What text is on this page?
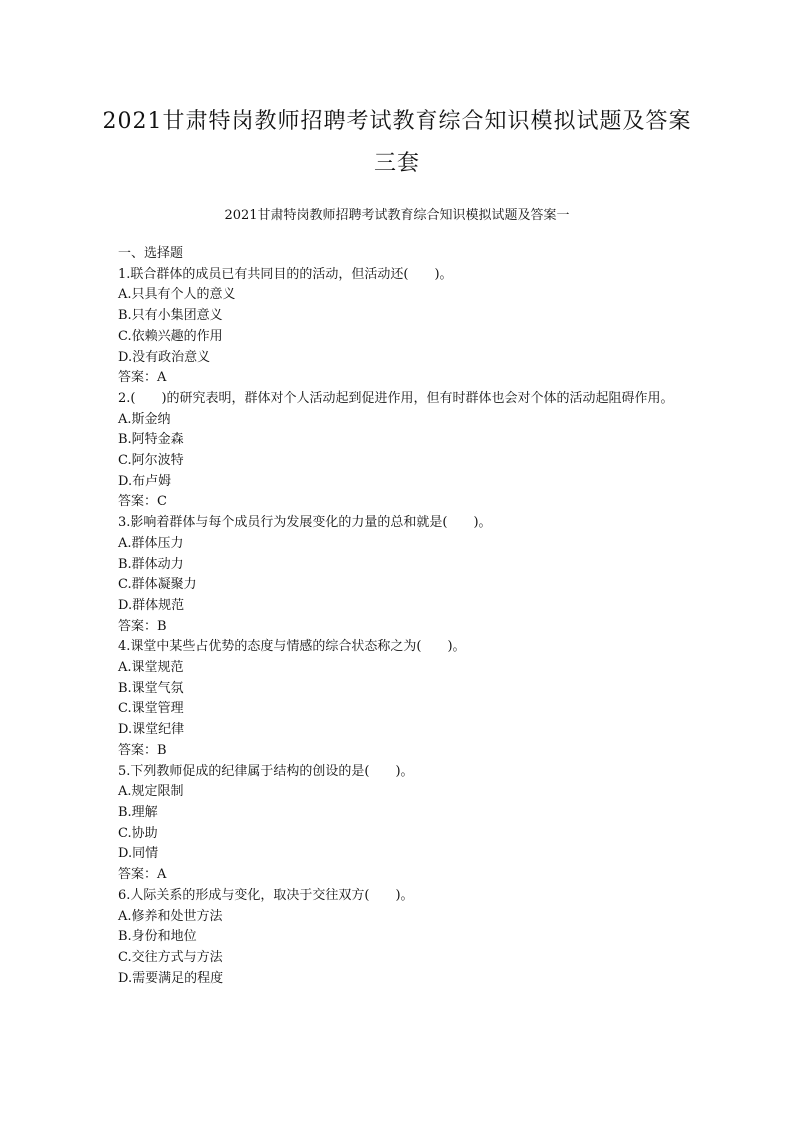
2021甘肃特岗教师招聘考试教育综合知识模拟试题及答案
三套
2021甘肃特岗教师招聘考试教育综合知识模拟试题及答案一
一、选择题
1.联合群体的成员已有共同目的的活动，但活动还(　　)。
A.只具有个人的意义
B.只有小集团意义
C.依赖兴趣的作用
D.没有政治意义
答案：A
2.(　　)的研究表明，群体对个人活动起到促进作用，但有时群体也会对个体的活动起阻碍作用。
A.斯金纳
B.阿特金森
C.阿尔波特
D.布卢姆
答案：C
3.影响着群体与每个成员行为发展变化的力量的总和就是(　　)。
A.群体压力
B.群体动力
C.群体凝聚力
D.群体规范
答案：B
4.课堂中某些占优势的态度与情感的综合状态称之为(　　)。
A.课堂规范
B.课堂气氛
C.课堂管理
D.课堂纪律
答案：B
5.下列教师促成的纪律属于结构的创设的是(　　)。
A.规定限制
B.理解
C.协助
D.同情
答案：A
6.人际关系的形成与变化，取决于交往双方(　　)。
A.修养和处世方法
B.身份和地位
C.交往方式与方法
D.需要满足的程度
